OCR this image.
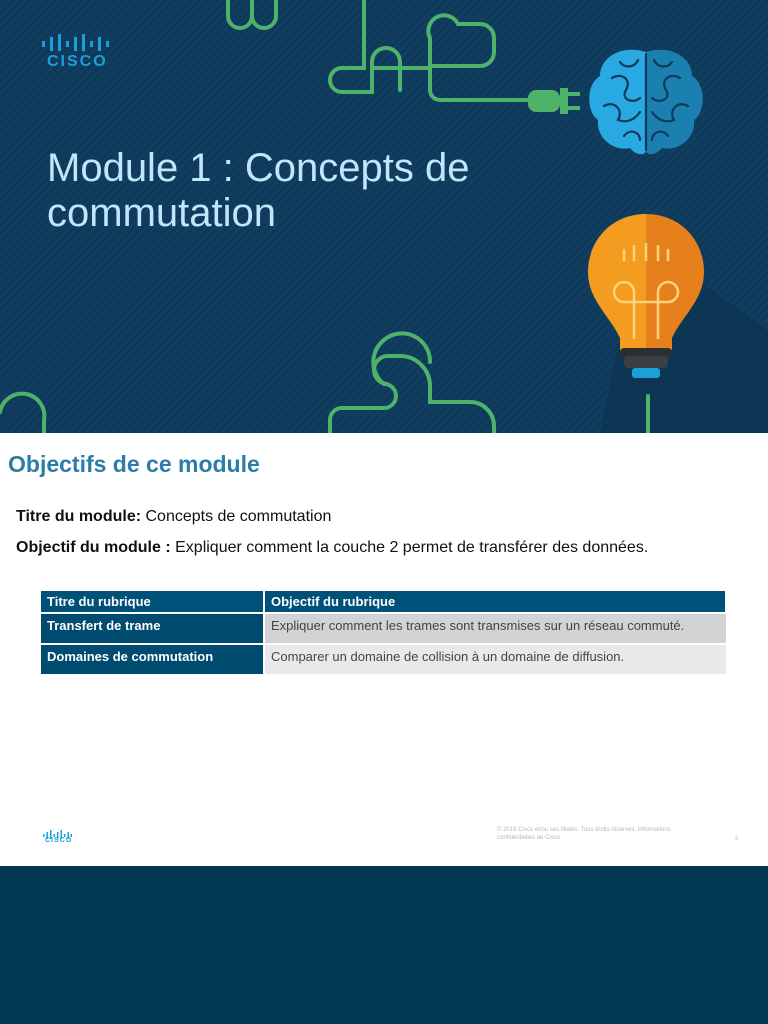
CISCO
Module 1 : Concepts de
commutation
Objectifs de ce module
Titre du module: Concepts de commutation
Objectif du module : Expliquer comment la couche 2 permet de transférer des données.
Titre du rubrique	Objectif du rubrique
Transfert de trame	Expliquer comment les trames sont transmises sur un réseau commuté.
Domaines de commutation	Comparer un domaine de collision à un domaine de diffusion.
CISCO
© 2016 Cisco et/ou ses filiales. Tous droits réservés. Informations confidentielles de Cisco	2
